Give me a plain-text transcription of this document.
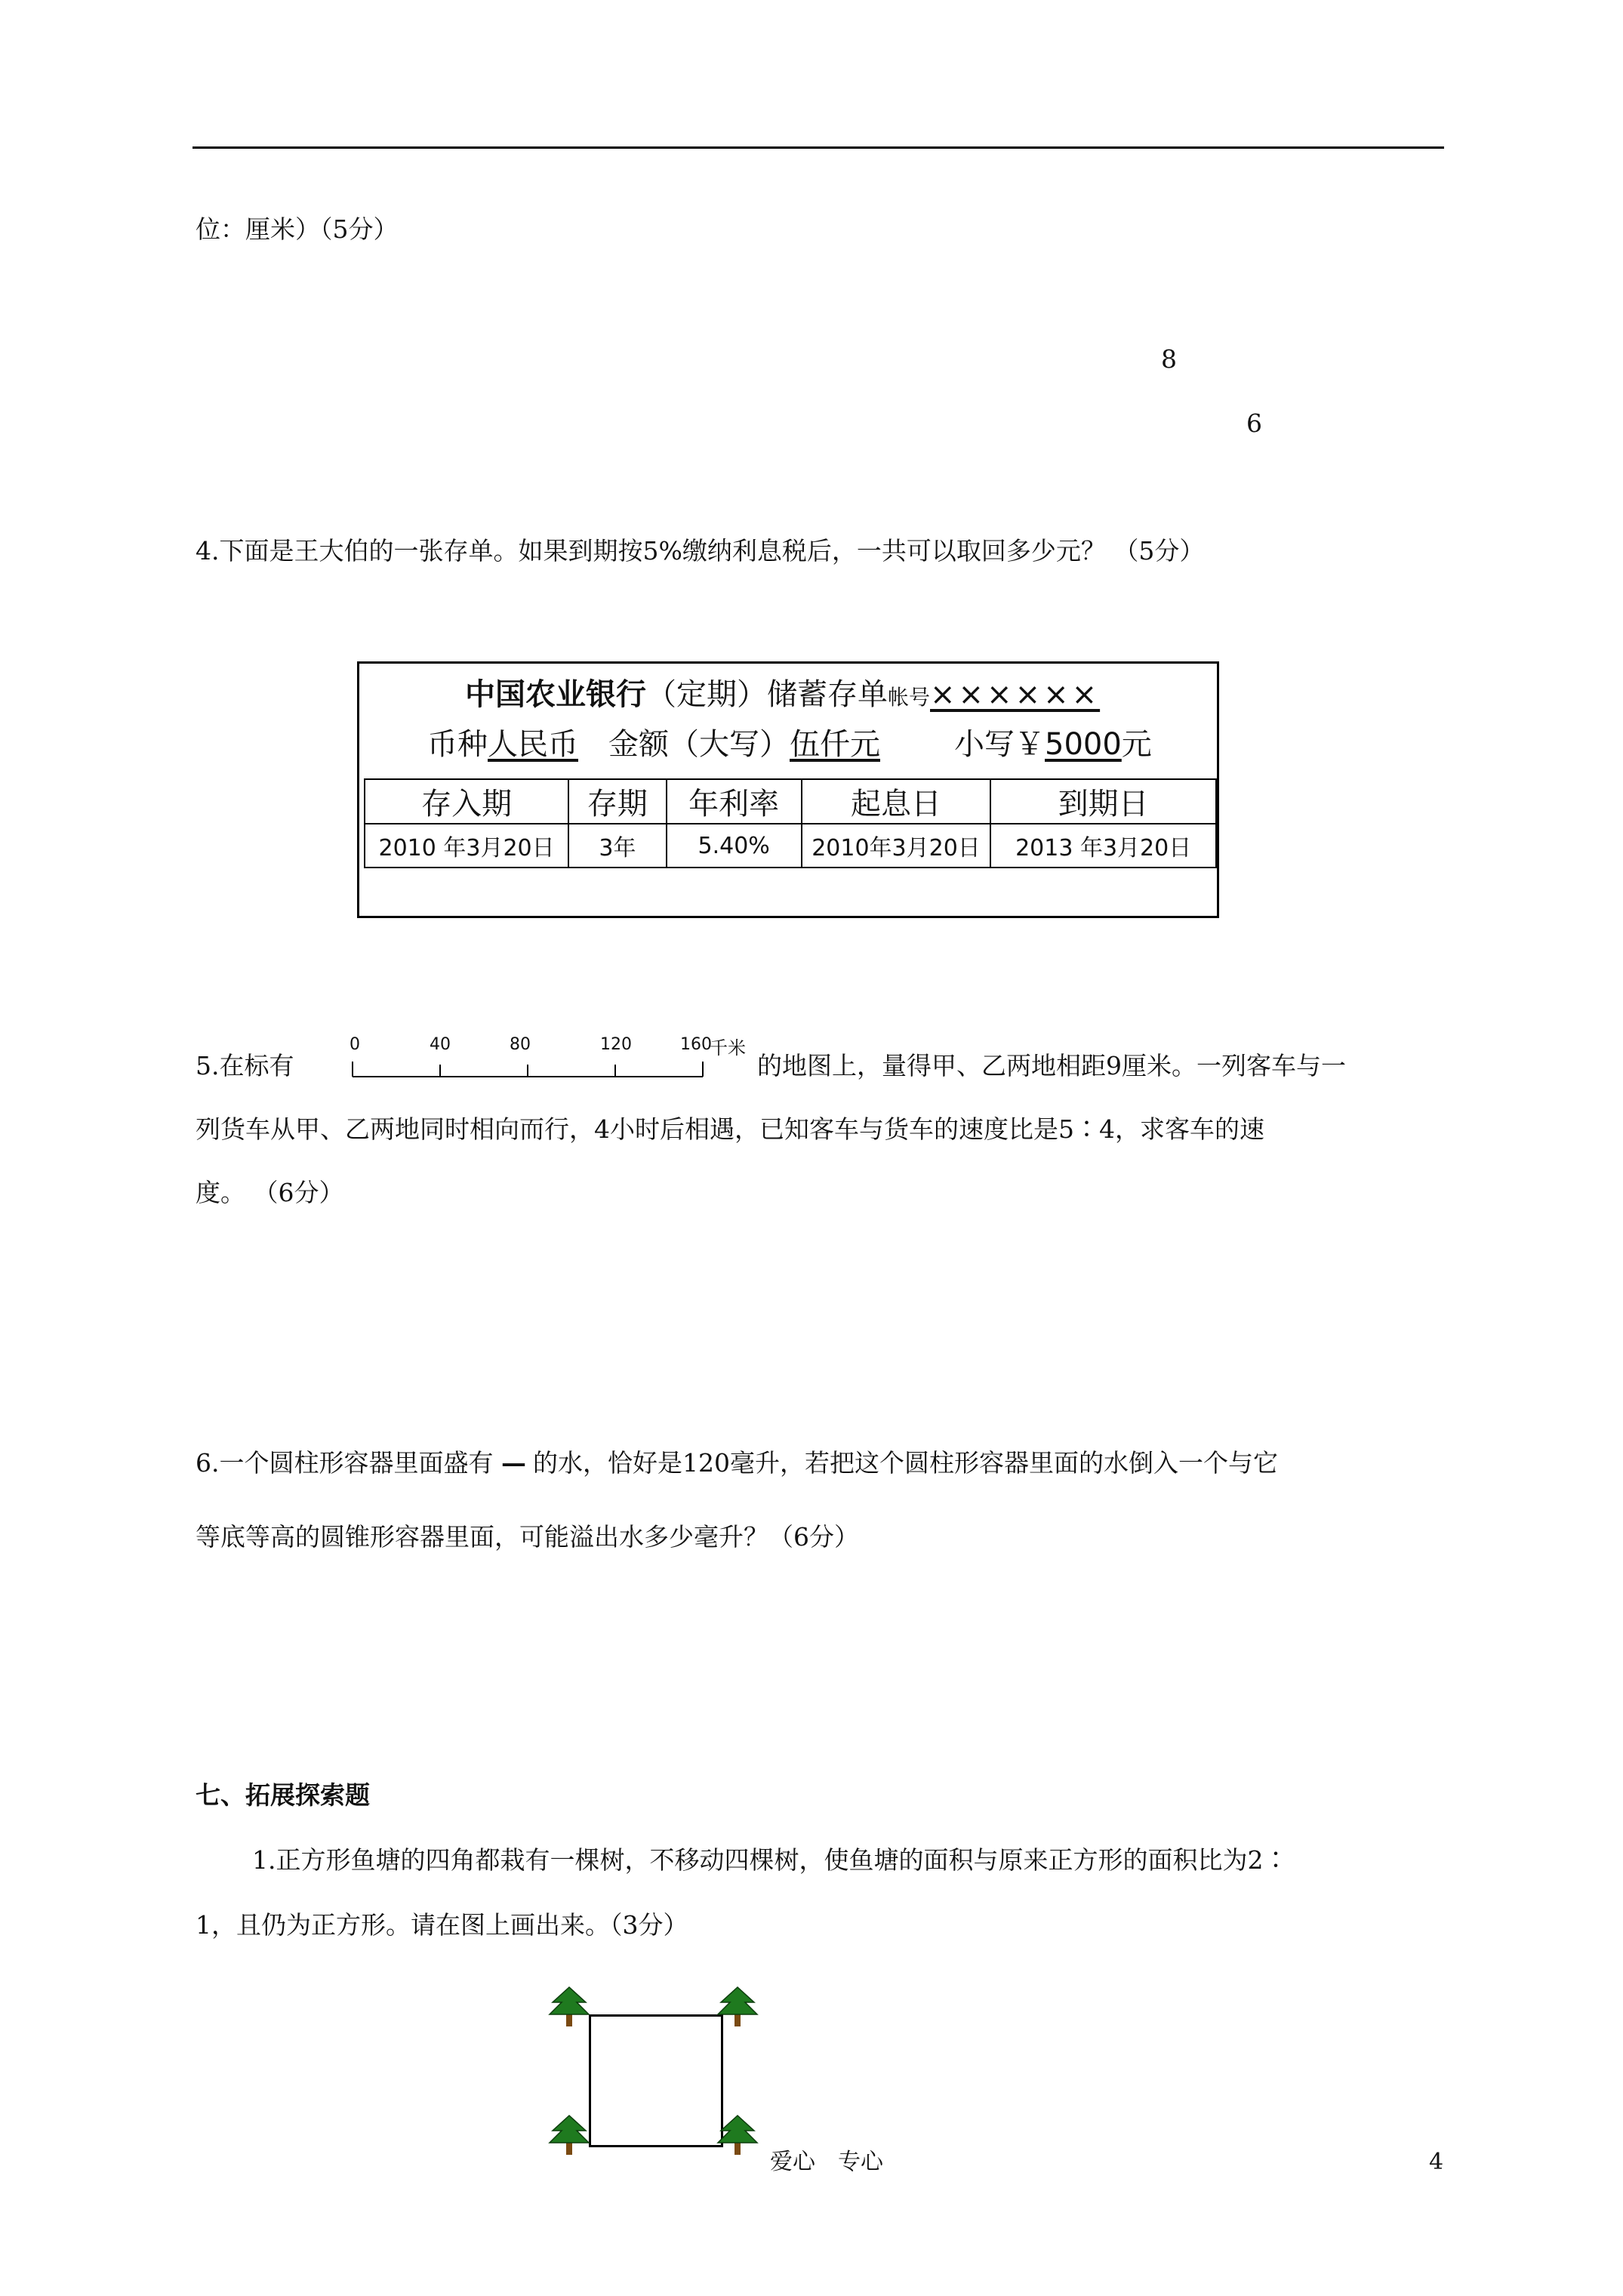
位：厘米）（5分）
8
6
4.下面是王大伯的一张存单。如果到期按5%缴纳利息税后，一共可以取回多少元？ （5分）
中国农业银行（定期）储蓄存单帐号××××××
币种人民币 金额（大写）伍仟元 小写￥5000元
存入期	存期	年利率	起息日	到期日
2010 年3月20日	3年	5.40%	2010年3月20日	2013 年3月20日
5.在标有
0	40	80	120	160
千米
的地图上，量得甲、乙两地相距9厘米。一列客车与一
列货车从甲、乙两地同时相向而行，4小时后相遇，已知客车与货车的速度比是5∶4，求客车的速
度。 （6分）
6.一个圆柱形容器里面盛有 — 的水，恰好是120毫升，若把这个圆柱形容器里面的水倒入一个与它
等底等高的圆锥形容器里面，可能溢出水多少毫升？（6分）
七、拓展探索题
1.正方形鱼塘的四角都栽有一棵树，不移动四棵树，使鱼塘的面积与原来正方形的面积比为2∶
1，且仍为正方形。请在图上画出来。（3分）
爱心　专心	4
